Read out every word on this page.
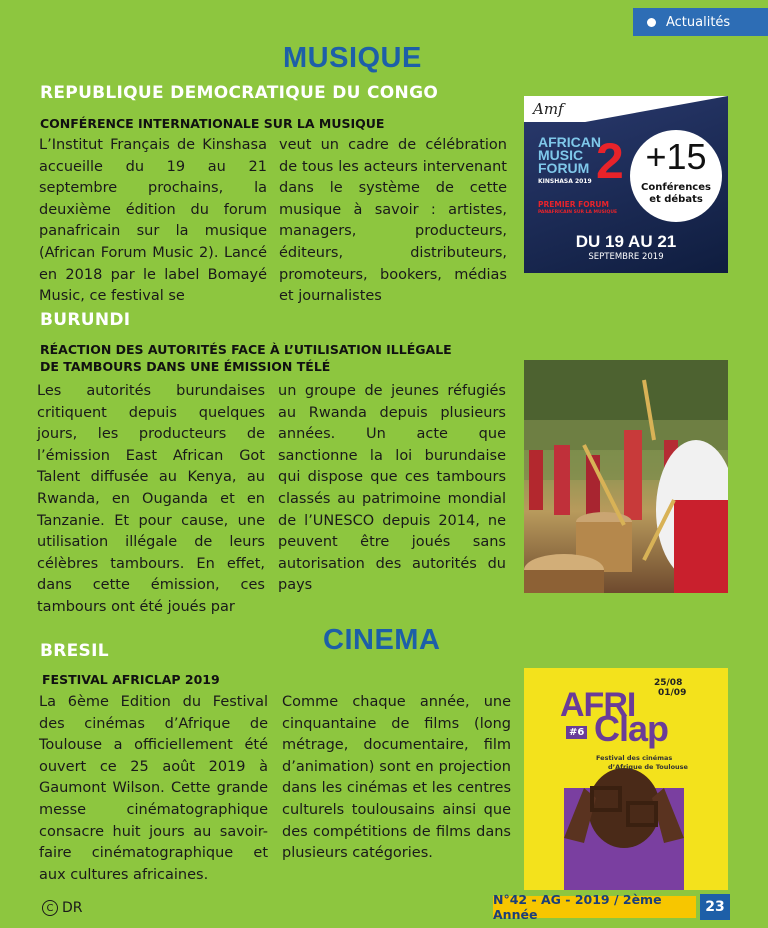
Actualités
MUSIQUE
REPUBLIQUE DEMOCRATIQUE DU CONGO
CONFÉRENCE INTERNATIONALE SUR LA MUSIQUE
L’Institut Français de Kinshasa accueille du 19 au 21 septembre prochains, la deuxième édition du forum panafricain sur la musique (African Forum Music 2). Lancé en 2018 par le label Bomayé Music, ce festival se
veut un cadre de célébration de tous les acteurs intervenant dans le système de cette musique à savoir : artistes, managers, producteurs, éditeurs, distributeurs, promoteurs, bookers, médias et journalistes
Amf
AFRICAN
MUSIC
FORUM 2
KINSHASA 2019
PREMIER FORUM
PANAFRICAIN SUR LA MUSIQUE
+15
Conférences
et débats
DU 19 AU 21
SEPTEMBRE 2019
BURUNDI
RÉACTION DES AUTORITÉS FACE À L’UTILISATION ILLÉGALE
DE TAMBOURS DANS UNE ÉMISSION TÉLÉ
Les autorités burundaises critiquent depuis quelques jours, les producteurs de l’émission East African Got Talent diffusée au Kenya, au Rwanda, en Ouganda et en Tanzanie. Et pour cause, une utilisation illégale de leurs célèbres tambours. En effet, dans cette émission, ces tambours ont été joués par
un groupe de jeunes réfugiés au Rwanda depuis plusieurs années. Un acte que sanctionne la loi burundaise qui dispose que ces tambours classés au patrimoine mondial de l’UNESCO depuis 2014, ne peuvent être joués sans autorisation des autorités du pays
BRESIL	CINEMA
FESTIVAL AFRICLAP 2019
La 6ème Edition du Festival des cinémas d’Afrique de Toulouse a officiellement été ouvert ce 25 août 2019 à Gaumont Wilson. Cette grande messe cinématographique consacre huit jours au savoir-faire cinématographique et aux cultures africaines.
Comme chaque année, une cinquantaine de films (long métrage, documentaire, film d’animation) sont en projection dans les cinémas et les centres culturels toulousains ainsi que des compétitions de films dans plusieurs catégories.
AFRI
25/08
01/09
#6 Clap
Festival des cinémas
d’Afrique de Toulouse
C DR
N°42 - AG - 2019 / 2ème Année	23
